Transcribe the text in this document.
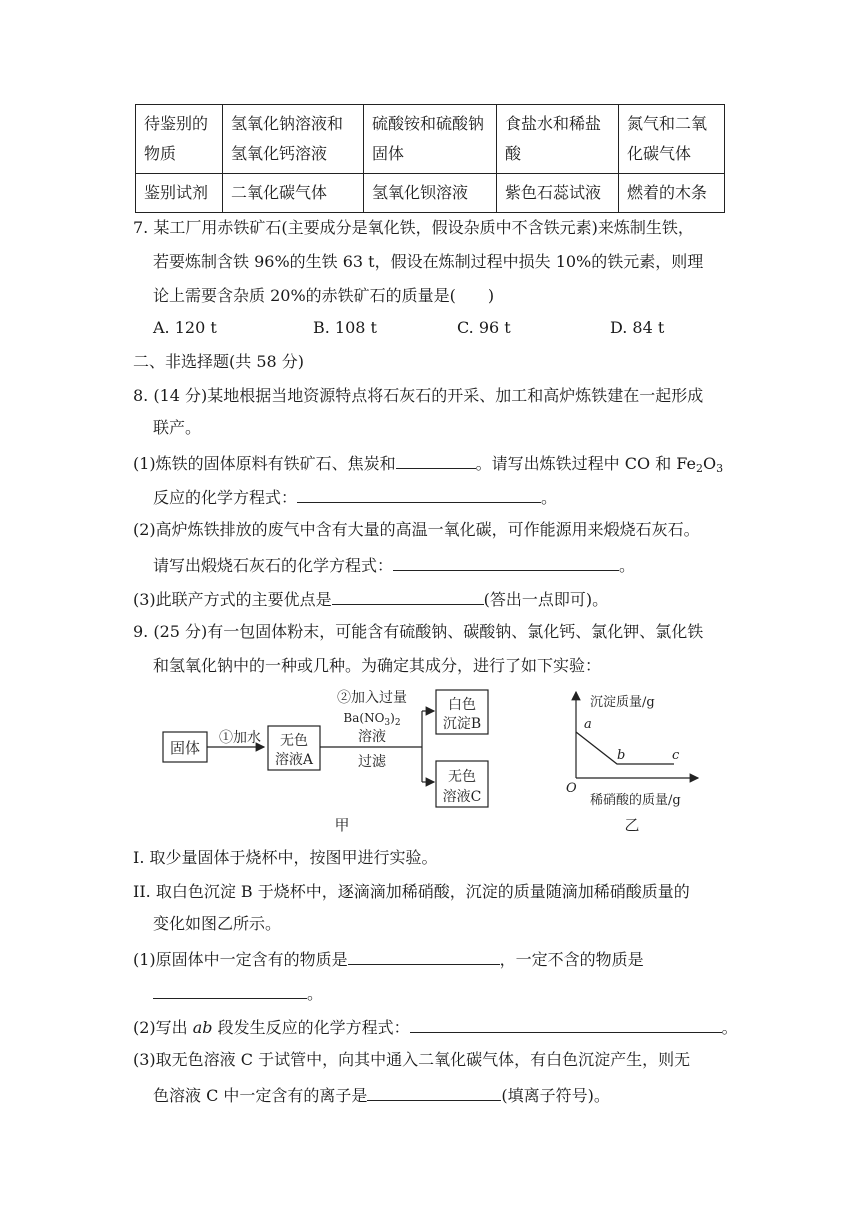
待鉴别的物质	氢氧化钠溶液和氢氧化钙溶液	硫酸铵和硫酸钠固体	食盐水和稀盐酸	氮气和二氧化碳气体
鉴别试剂	二氧化碳气体	氢氧化钡溶液	紫色石蕊试液	燃着的木条
7. 某工厂用赤铁矿石(主要成分是氧化铁，假设杂质中不含铁元素)来炼制生铁，
若要炼制含铁 96%的生铁 63 t，假设在炼制过程中损失 10%的铁元素，则理
论上需要含杂质 20%的赤铁矿石的质量是(　　)
A. 120 t	B. 108 t	C. 96 t	D. 84 t
二、非选择题(共 58 分)
8. (14 分)某地根据当地资源特点将石灰石的开采、加工和高炉炼铁建在一起形成
联产。
(1)炼铁的固体原料有铁矿石、焦炭和	。请写出炼铁过程中 CO 和 $Fe_2O_3$
反应的化学方程式：	。
(2)高炉炼铁排放的废气中含有大量的高温一氧化碳，可作能源用来煅烧石灰石。
请写出煅烧石灰石的化学方程式：	。
(3)此联产方式的主要优点是	(答出一点即可)。
9. (25 分)有一包固体粉末，可能含有硫酸钠、碳酸钠、氯化钙、氯化钾、氯化铁
和氢氧化钠中的一种或几种。为确定其成分，进行了如下实验：
固体
①加水 无色
溶液A
②加入过量
$Ba(NO_3)_2$
溶液
过滤
白色
沉淀B
无色
溶液C
甲
沉淀质量/g
稀硝酸的质量/g
O
a
b	c
乙
I. 取少量固体于烧杯中，按图甲进行实验。
II. 取白色沉淀 B 于烧杯中，逐滴滴加稀硝酸，沉淀的质量随滴加稀硝酸质量的
变化如图乙所示。
(1)原固体中一定含有的物质是	，一定不含的物质是
。
(2)写出 ab 段发生反应的化学方程式：	。
(3)取无色溶液 C 于试管中，向其中通入二氧化碳气体，有白色沉淀产生，则无
色溶液 C 中一定含有的离子是	(填离子符号)。
